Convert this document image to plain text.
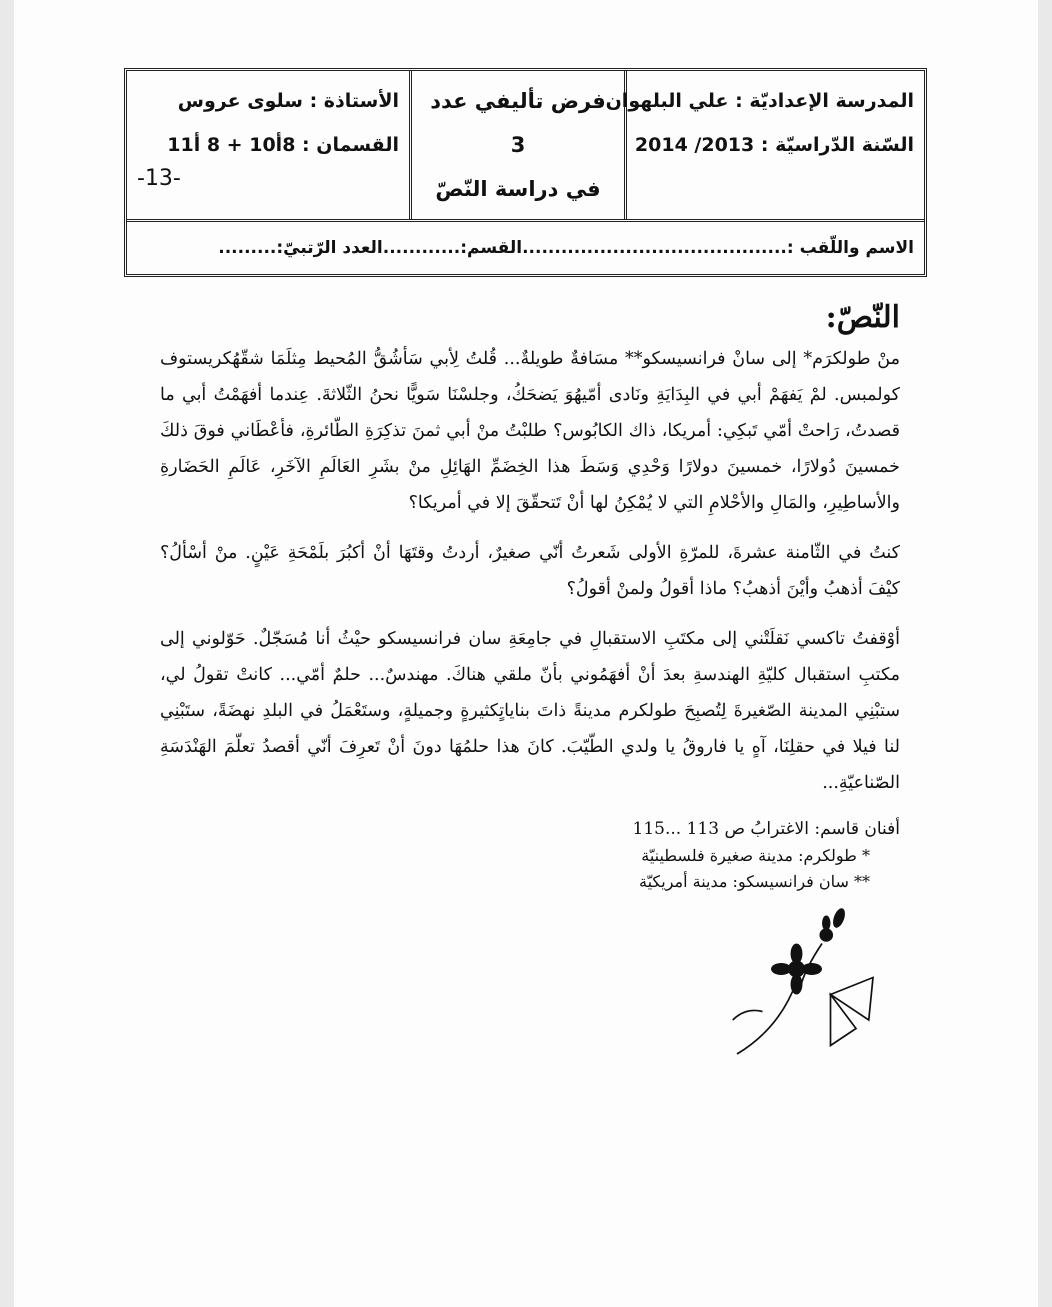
المدرسة الإعداديّة : علي البلهوان
السّنة الدّراسيّة : 2013/ 2014
فرض تأليفي عدد 3
في دراسة النّصّ
الأستاذة : سلوى عروس
القسمان : 8أ10 + 8 أ11
-13-
الاسم واللّقب :.........................................القسم:............العدد الرّتبيّ:.........
النّصّ:
منْ طولكرَم* إلى سانْ فرانسيسكو** مسَافةٌ طويلةٌ... قُلتُ لِأبي سَأشُقُّ المُحيط مِثلَمَا شقّهُكريستوف كولمبس. لمْ يَفهَمْ أبي في البِدَايَةِ ونَادى أمّيهُوَ يَضحَكُ، وجلسْنَا سَويًّا نحنُ الثّلاثةَ. عِندما أفهَمْتُ أبي ما قصدتُ، رَاحتْ أمّي تَبكِي: أمريكا، ذاك الكابُوس؟ طلبْتُ منْ أبي ثمنَ تذكِرَةِ الطّائرةِ، فأعْطَاني فوقَ ذلكَ خمسينَ دُولارًا، خمسينَ دولارًا وَحْدِي وَسَطَ هذا الخِضَمِّ الهَائِلِ منْ بشَرِ العَالَمِ الآخَرِ، عَالَمِ الحَضَارةِ والأساطِيرِ، والمَالِ والأحْلامِ التي لا يُمْكِنُ لها أنْ تَتحقّقَ إلا في أمريكا؟
كنتُ في الثّامنة عشرةَ، للمرّةِ الأولى شَعرتُ أنّي صغيرٌ، أردتُ وقتَهَا أنْ أكبُرَ بلَمْحَةِ عَيْنٍ. منْ أسْألُ؟ كيْفَ أذهبُ وأيْنَ أذهبُ؟ ماذا أقولُ ولمنْ أقولُ؟
أوْقفتُ تاكسي نَقلَتْني إلى مكتَبِ الاستقبالِ في جامِعَةِ سان فرانسيسكو حيْثُ أنا مُسَجّلٌ. حَوّلوني إلى مكتبِ استقبال كليّةِ الهندسةِ بعدَ أنْ أفهَمُوني بأنّ ملقي هناكَ. مهندسٌ... حلمٌ أمّي... كانتْ تقولُ لي، ستبْنِي المدينة الصّغيرةَ لِتُصبِحَ طولكرم مدينةً ذاتَ بناياتٍكثيرةٍ وجميلةٍ، وستَعْمَلُ في البلدِ نهضَةً، ستَبْنِي لنا فيلا في حقلِنَا، آهٍ يا فاروقُ يا ولدي الطّيّبَ. كانَ هذا حلمُهَا دونَ أنْ تَعرِفَ أنّي أقصدُ تعلّمَ الهَنْدَسَةِ الصّناعيّةِ...
أفنان قاسم: الاغترابُ ص 113 ...115
* طولكرم: مدينة صغيرة فلسطينيّة
** سان فرانسيسكو: مدينة أمريكيّة
